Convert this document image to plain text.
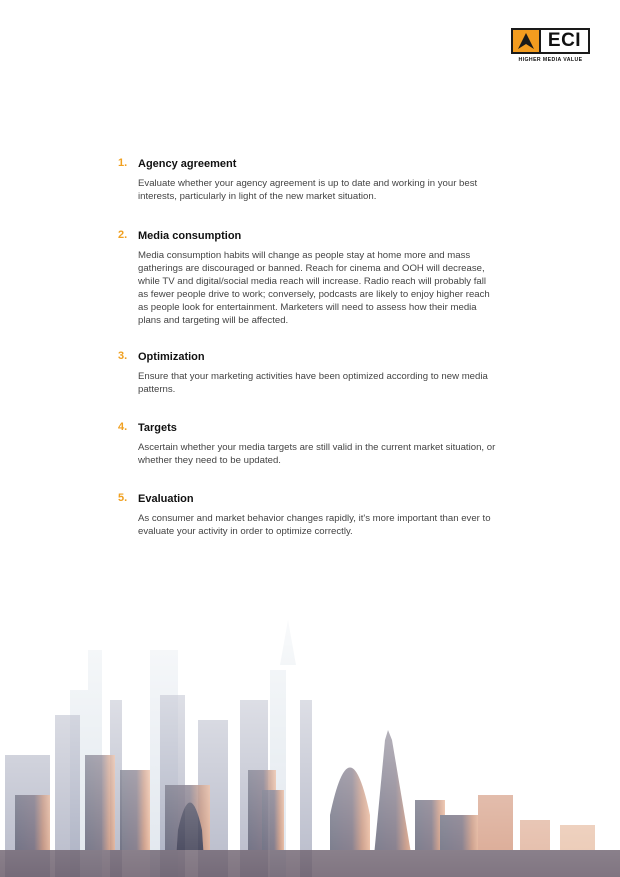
ECI
HIGHER MEDIA VALUE
1. Agency agreement
Evaluate whether your agency agreement is up to date and working in your best interests, particularly in light of the new market situation.
2. Media consumption
Media consumption habits will change as people stay at home more and mass gatherings are discouraged or banned. Reach for cinema and OOH will decrease, while TV and digital/social media reach will increase. Radio reach will probably fall as fewer people drive to work; conversely, podcasts are likely to enjoy higher reach as people look for entertainment. Marketers will need to assess how their media plans and targeting will be affected.
3. Optimization
Ensure that your marketing activities have been optimized according to new media patterns.
4. Targets
Ascertain whether your media targets are still valid in the current market situation, or whether they need to be updated.
5. Evaluation
As consumer and market behavior changes rapidly, it's more important than ever to evaluate your activity in order to optimize correctly.
